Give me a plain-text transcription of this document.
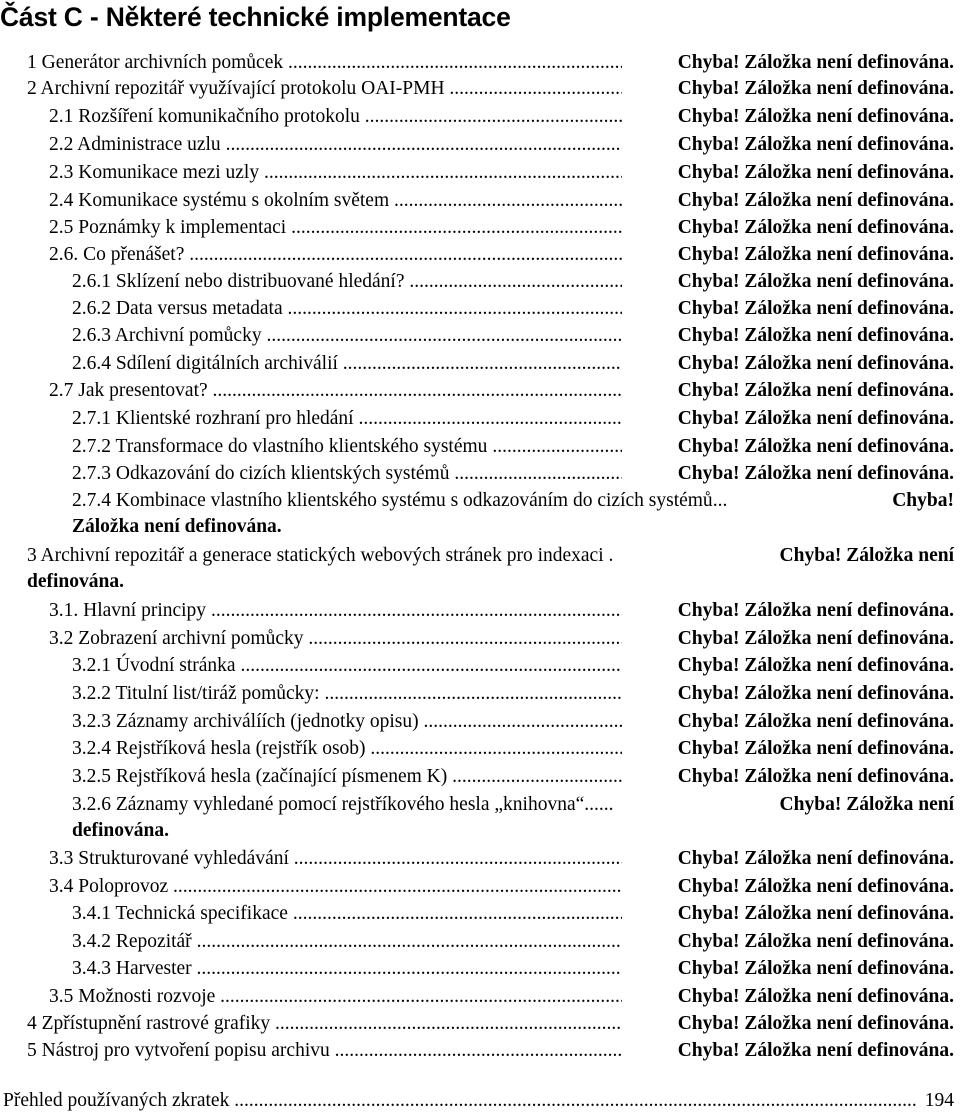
Část C - Některé technické implementace
1 Generátor archivních pomůcek .....	Chyba! Záložka není definována.
2 Archivní repozitář využívající protokolu OAI-PMH .....	Chyba! Záložka není definována.
2.1 Rozšíření komunikačního protokolu .....	Chyba! Záložka není definována.
2.2 Administrace uzlu .....	Chyba! Záložka není definována.
2.3 Komunikace mezi uzly .....	Chyba! Záložka není definována.
2.4 Komunikace systému s okolním světem .....	Chyba! Záložka není definována.
2.5 Poznámky k implementaci .....	Chyba! Záložka není definována.
2.6. Co přenášet? .....	Chyba! Záložka není definována.
2.6.1 Sklízení nebo distribuované hledání? .....	Chyba! Záložka není definována.
2.6.2 Data versus metadata .....	Chyba! Záložka není definována.
2.6.3 Archivní pomůcky .....	Chyba! Záložka není definována.
2.6.4 Sdílení digitálních archiválií .....	Chyba! Záložka není definována.
2.7 Jak presentovat? .....	Chyba! Záložka není definována.
2.7.1 Klientské rozhraní pro hledání .....	Chyba! Záložka není definována.
2.7.2 Transformace do vlastního klientského systému .....	Chyba! Záložka není definována.
2.7.3 Odkazování do cizích klientských systémů .....	Chyba! Záložka není definována.
2.7.4 Kombinace vlastního klientského systému s odkazováním do cizích systémů...	Chyba!
Záložka není definována.
3 Archivní repozitář a generace statických webových stránek pro indexaci .	Chyba! Záložka není
definována.
3.1. Hlavní principy .....	Chyba! Záložka není definována.
3.2 Zobrazení archivní pomůcky .....	Chyba! Záložka není definována.
3.2.1 Úvodní stránka .....	Chyba! Záložka není definována.
3.2.2 Titulní list/tiráž pomůcky: .....	Chyba! Záložka není definována.
3.2.3 Záznamy archiválíích (jednotky opisu) .....	Chyba! Záložka není definována.
3.2.4 Rejstříková hesla (rejstřík osob) .....	Chyba! Záložka není definována.
3.2.5 Rejstříková hesla (začínající písmenem K) .....	Chyba! Záložka není definována.
3.2.6 Záznamy vyhledané pomocí rejstříkového hesla „knihovna“......	Chyba! Záložka není
definována.
3.3 Strukturované vyhledávání .....	Chyba! Záložka není definována.
3.4 Poloprovoz .....	Chyba! Záložka není definována.
3.4.1 Technická specifikace .....	Chyba! Záložka není definována.
3.4.2 Repozitář .....	Chyba! Záložka není definována.
3.4.3 Harvester .....	Chyba! Záložka není definována.
3.5 Možnosti rozvoje .....	Chyba! Záložka není definována.
4 Zpřístupnění rastrové grafiky .....	Chyba! Záložka není definována.
5 Nástroj pro vytvoření popisu archivu .....	Chyba! Záložka není definována.
Přehled používaných zkratek .....	194
